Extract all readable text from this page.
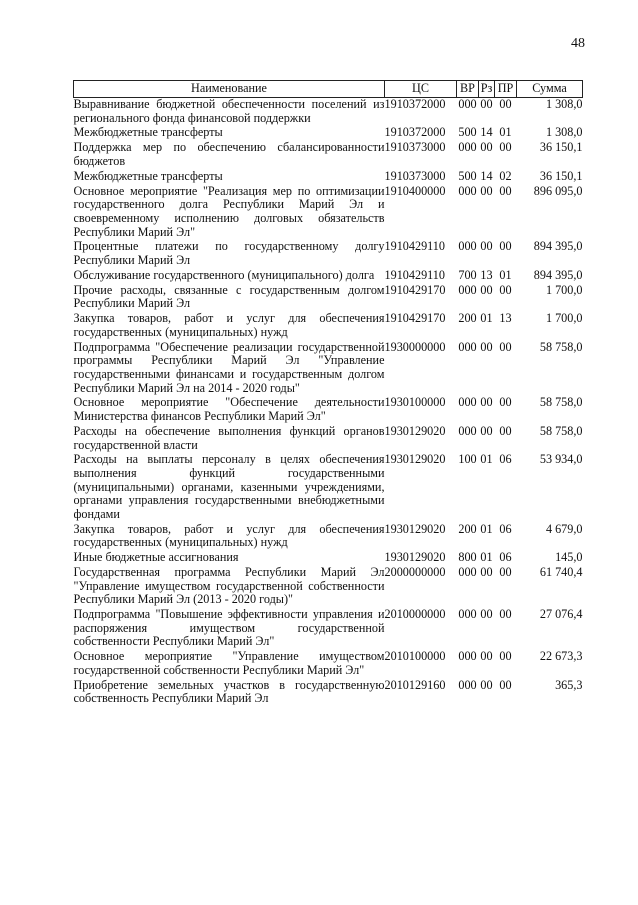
48
Наименование	ЦС	ВР	Рз	ПР	Сумма
Выравнивание бюджетной обеспеченности поселений из регионального фонда финансовой поддержки	1910372000	000	00	00	1 308,0
Межбюджетные трансферты	1910372000	500	14	01	1 308,0
Поддержка мер по обеспечению сбалансированности бюджетов	1910373000	000	00	00	36 150,1
Межбюджетные трансферты	1910373000	500	14	02	36 150,1
Основное мероприятие "Реализация мер по оптимизации государственного долга Республики Марий Эл и своевременному исполнению долговых обязательств Республики Марий Эл"	1910400000	000	00	00	896 095,0
Процентные платежи по государственному долгу Республики Марий Эл	1910429110	000	00	00	894 395,0
Обслуживание государственного (муниципального) долга	1910429110	700	13	01	894 395,0
Прочие расходы, связанные с государственным долгом Республики Марий Эл	1910429170	000	00	00	1 700,0
Закупка товаров, работ и услуг для обеспечения государственных (муниципальных) нужд	1910429170	200	01	13	1 700,0
Подпрограмма "Обеспечение реализации государственной программы Республики Марий Эл "Управление государственными финансами и государственным долгом Республики Марий Эл на 2014 - 2020 годы"	1930000000	000	00	00	58 758,0
Основное мероприятие "Обеспечение деятельности Министерства финансов Республики Марий Эл"	1930100000	000	00	00	58 758,0
Расходы на обеспечение выполнения функций органов государственной власти	1930129020	000	00	00	58 758,0
Расходы на выплаты персоналу в целях обеспечения выполнения функций государственными (муниципальными) органами, казенными учреждениями, органами управления государственными внебюджетными фондами	1930129020	100	01	06	53 934,0
Закупка товаров, работ и услуг для обеспечения государственных (муниципальных) нужд	1930129020	200	01	06	4 679,0
Иные бюджетные ассигнования	1930129020	800	01	06	145,0
Государственная программа Республики Марий Эл "Управление имуществом государственной собственности Республики Марий Эл (2013 - 2020 годы)"	2000000000	000	00	00	61 740,4
Подпрограмма "Повышение эффективности управления и распоряжения имуществом государственной собственности Республики Марий Эл"	2010000000	000	00	00	27 076,4
Основное мероприятие "Управление имуществом государственной собственности Республики Марий Эл"	2010100000	000	00	00	22 673,3
Приобретение земельных участков в государственную собственность Республики Марий Эл	2010129160	000	00	00	365,3
